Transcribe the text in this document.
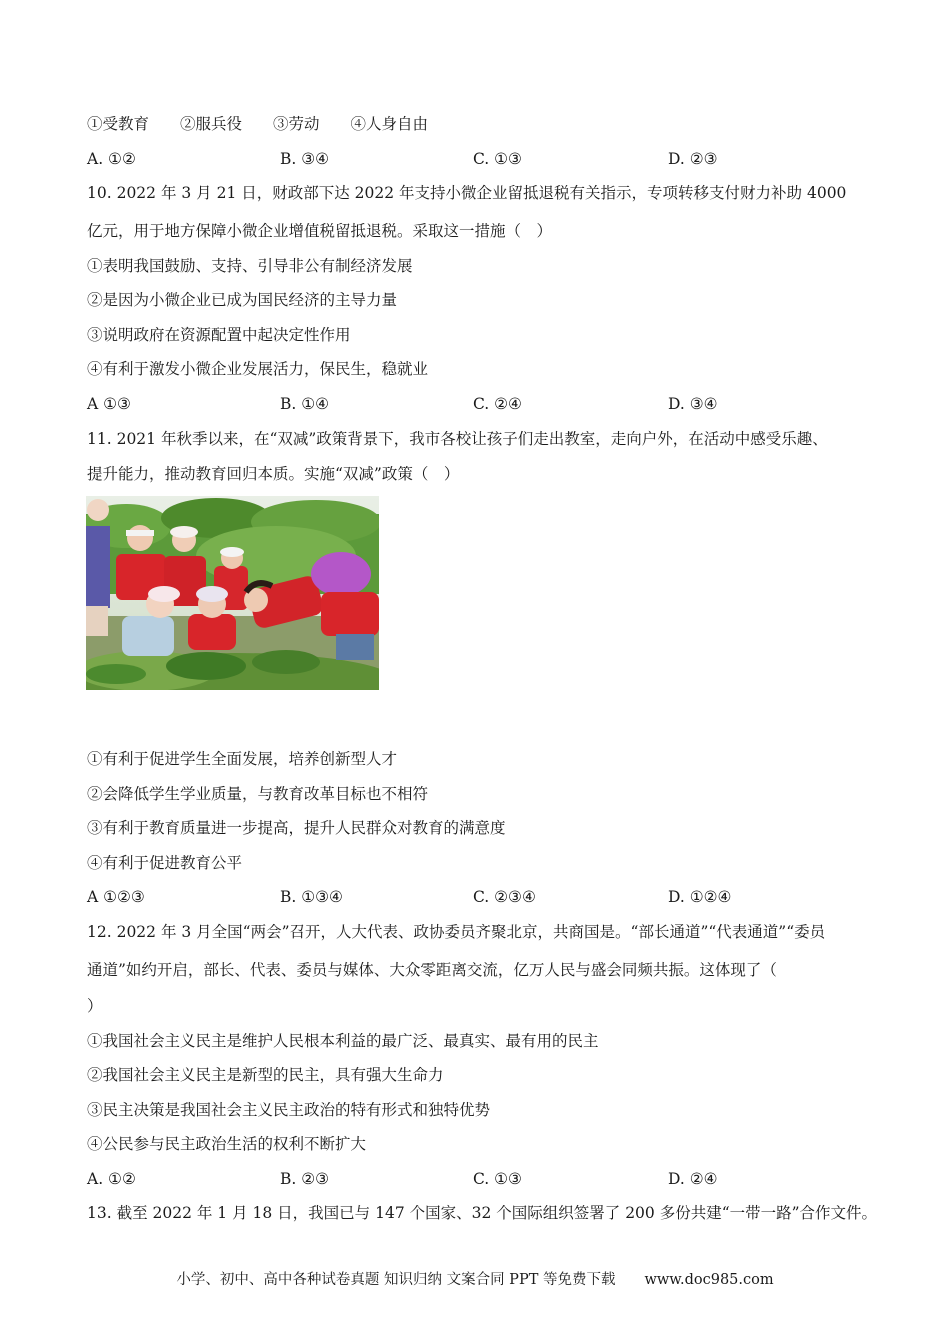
①受教育　　②服兵役　　③劳动　　④人身自由
A. ①②	B. ③④	C. ①③	D. ②③
10. 2022 年 3 月 21 日，财政部下达 2022 年支持小微企业留抵退税有关指示，专项转移支付财力补助 4000
亿元，用于地方保障小微企业增值税留抵退税。采取这一措施（　）
①表明我国鼓励、支持、引导非公有制经济发展
②是因为小微企业已成为国民经济的主导力量
③说明政府在资源配置中起决定性作用
④有利于激发小微企业发展活力，保民生，稳就业
A ①③	B. ①④	C. ②④	D. ③④
11. 2021 年秋季以来，在“双减”政策背景下，我市各校让孩子们走出教室，走向户外，在活动中感受乐趣、
提升能力，推动教育回归本质。实施“双减”政策（　）
①有利于促进学生全面发展，培养创新型人才
②会降低学生学业质量，与教育改革目标也不相符
③有利于教育质量进一步提高，提升人民群众对教育的满意度
④有利于促进教育公平
A ①②③	B. ①③④	C. ②③④	D. ①②④
12. 2022 年 3 月全国“两会”召开，人大代表、政协委员齐聚北京，共商国是。“部长通道”“代表通道”“委员
通道”如约开启，部长、代表、委员与媒体、大众零距离交流，亿万人民与盛会同频共振。这体现了（
）
①我国社会主义民主是维护人民根本利益的最广泛、最真实、最有用的民主
②我国社会主义民主是新型的民主，具有强大生命力
③民主决策是我国社会主义民主政治的特有形式和独特优势
④公民参与民主政治生活的权利不断扩大
A. ①②	B. ②③	C. ①③	D. ②④
13. 截至 2022 年 1 月 18 日，我国已与 147 个国家、32 个国际组织签署了 200 多份共建“一带一路”合作文件。
小学、初中、高中各种试卷真题 知识归纳 文案合同 PPT 等免费下载　　www.doc985.com
